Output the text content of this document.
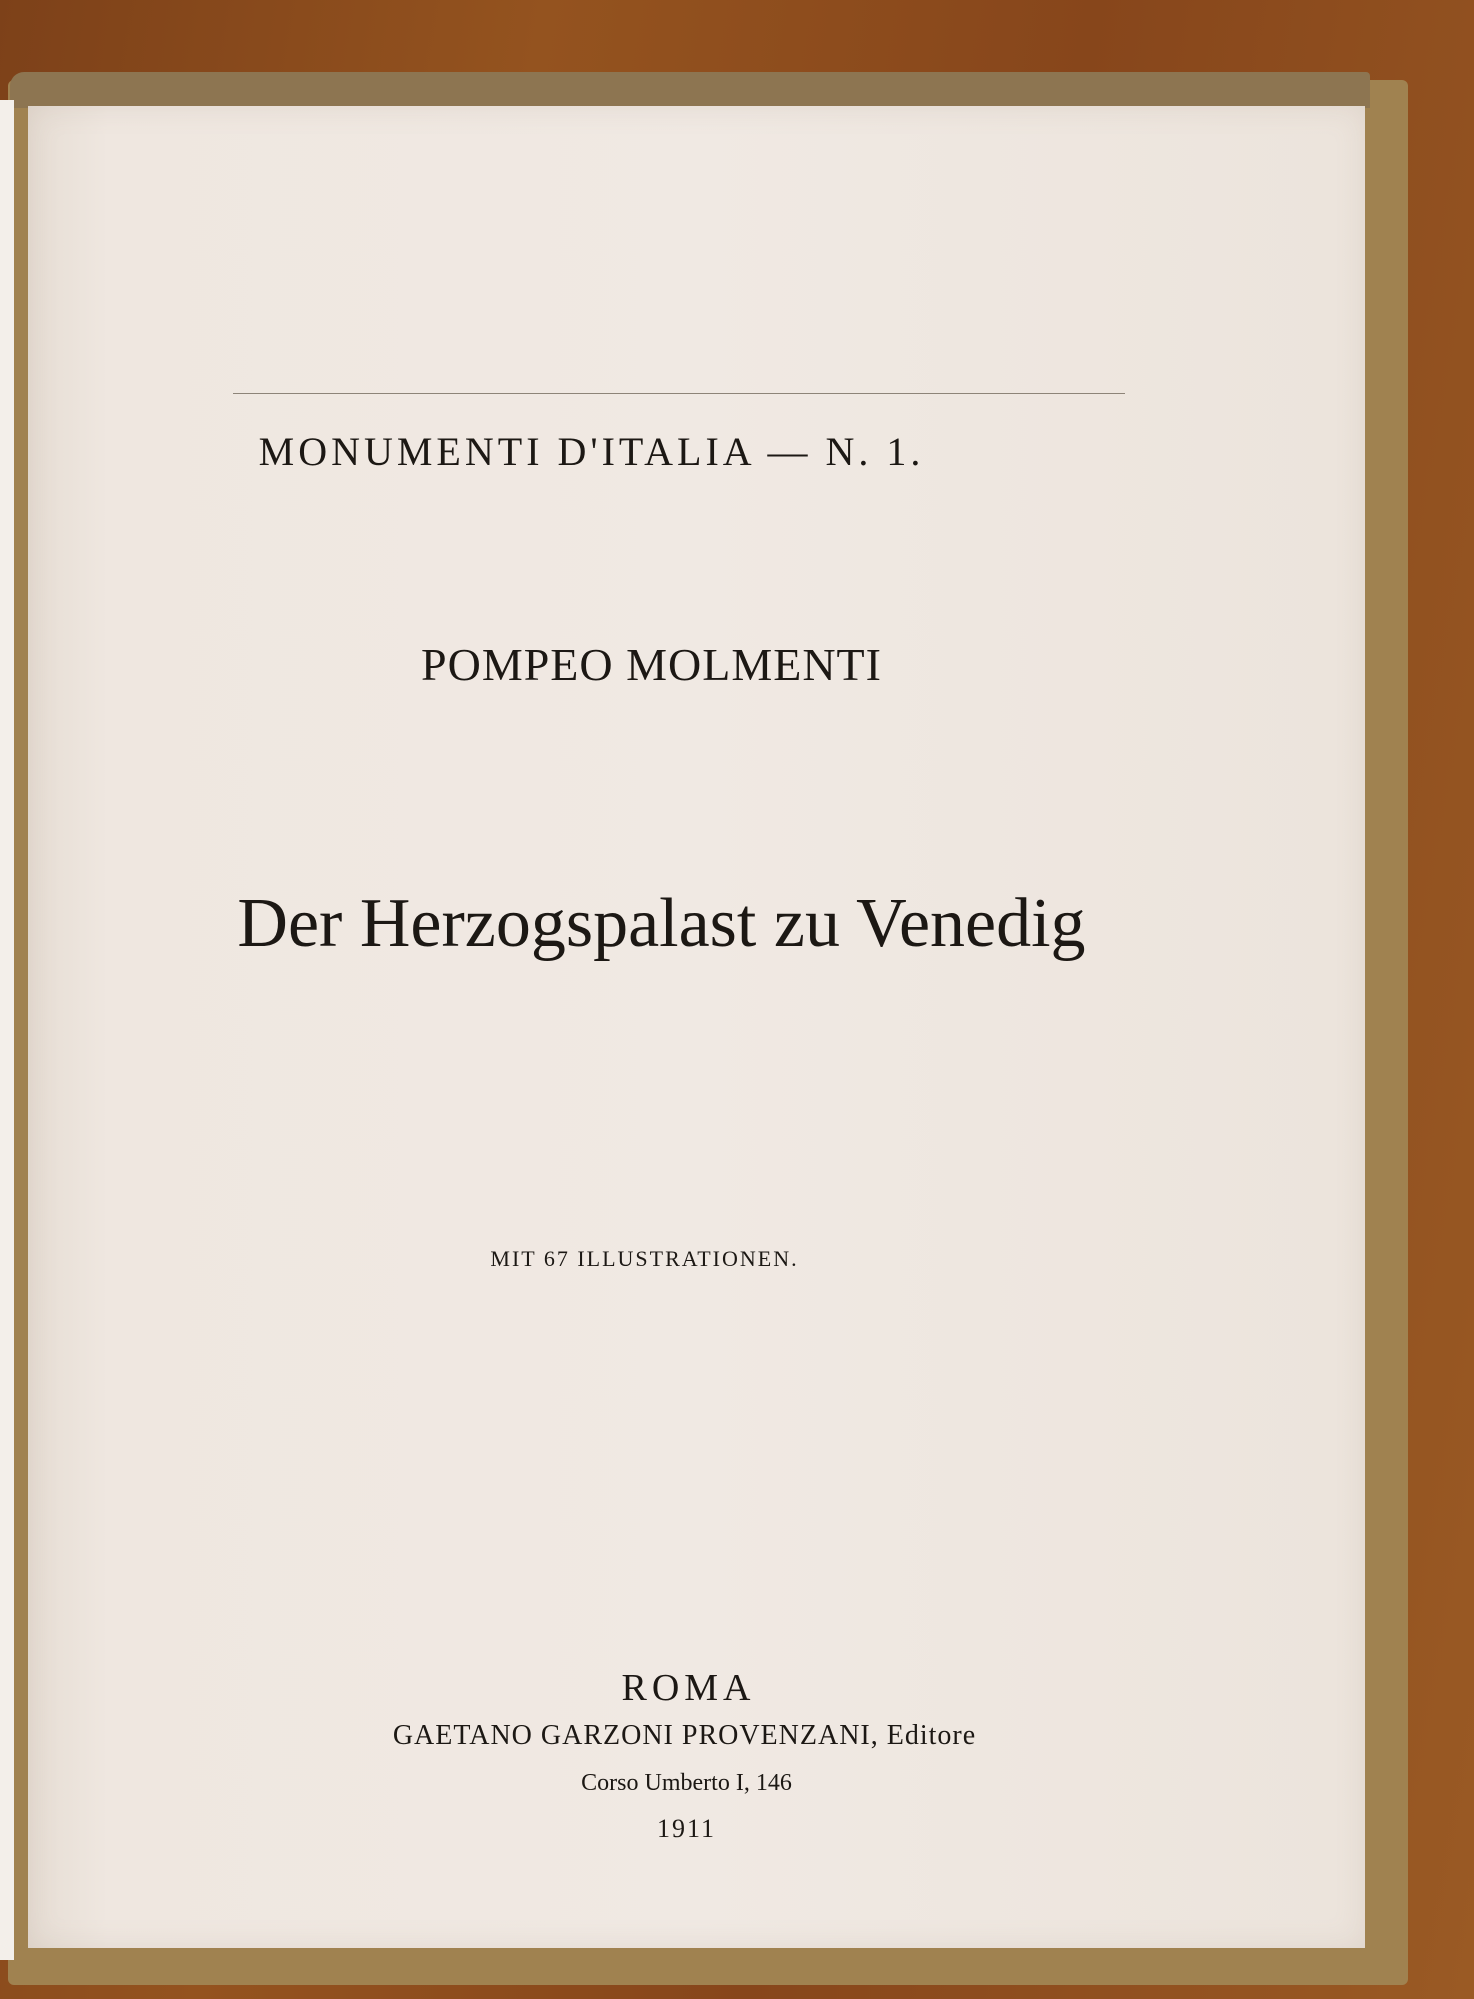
MONUMENTI D'ITALIA — N. 1.
POMPEO MOLMENTI
Der Herzogspalast zu Venedig
MIT 67 ILLUSTRATIONEN.
ROMA
GAETANO GARZONI PROVENZANI, Editore
Corso Umberto I, 146
1911
